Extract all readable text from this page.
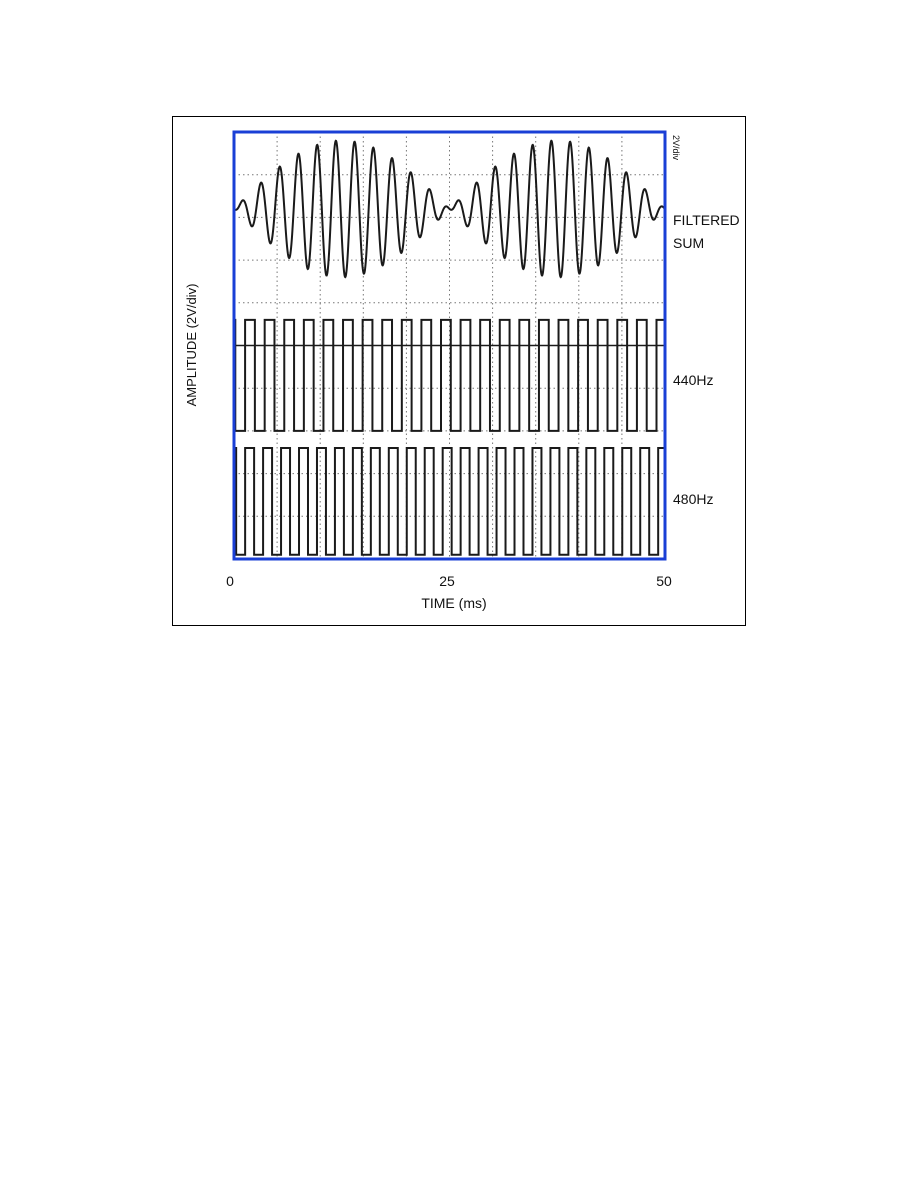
2V/div
FILTERED
SUM
440Hz
480Hz
0	25	50
TIME (ms)
AMPLITUDE (2V/div)
